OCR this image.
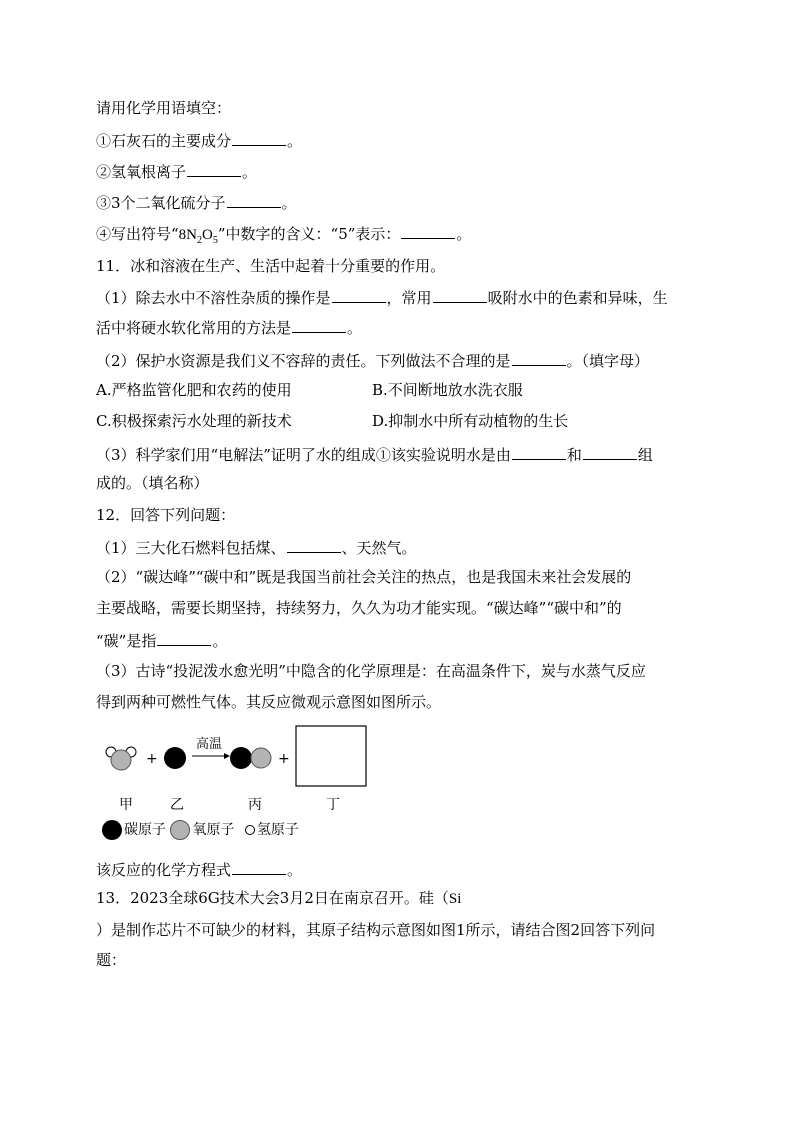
请用化学用语填空：
①石灰石的主要成分	。
②氢氧根离子	。
③3个二氧化硫分子	。
④写出符号“$8N_2O_5$”中数字的含义：“5”表示：	。
11．冰和溶液在生产、生活中起着十分重要的作用。
（1）除去水中不溶性杂质的操作是	，常用	吸附水中的色素和异味，生
活中将硬水软化常用的方法是	。
（2）保护水资源是我们义不容辞的责任。下列做法不合理的是	。（填字母）
A.严格监管化肥和农药的使用	B.不间断地放水洗衣服
C.积极探索污水处理的新技术	D.抑制水中所有动植物的生长
（3）科学家们用“电解法”证明了水的组成①该实验说明水是由	和	组
成的。（填名称）
12．回答下列问题：
（1）三大化石燃料包括煤、	、天然气。
（2）“碳达峰”“碳中和”既是我国当前社会关注的热点，也是我国未来社会发展的
主要战略，需要长期坚持，持续努力，久久为功才能实现。“碳达峰”“碳中和”的
“碳”是指	。
（3）古诗“投泥泼水愈光明”中隐含的化学原理是：在高温条件下，炭与水蒸气反应
得到两种可燃性气体。其反应微观示意图如图所示。
+
高温
+
甲	乙	丙	丁
碳原子 氧原子 氢原子
该反应的化学方程式	。
13．2023全球6G技术大会3月2日在南京召开。硅（Si
）是制作芯片不可缺少的材料，其原子结构示意图如图1所示，请结合图2回答下列问
题：
